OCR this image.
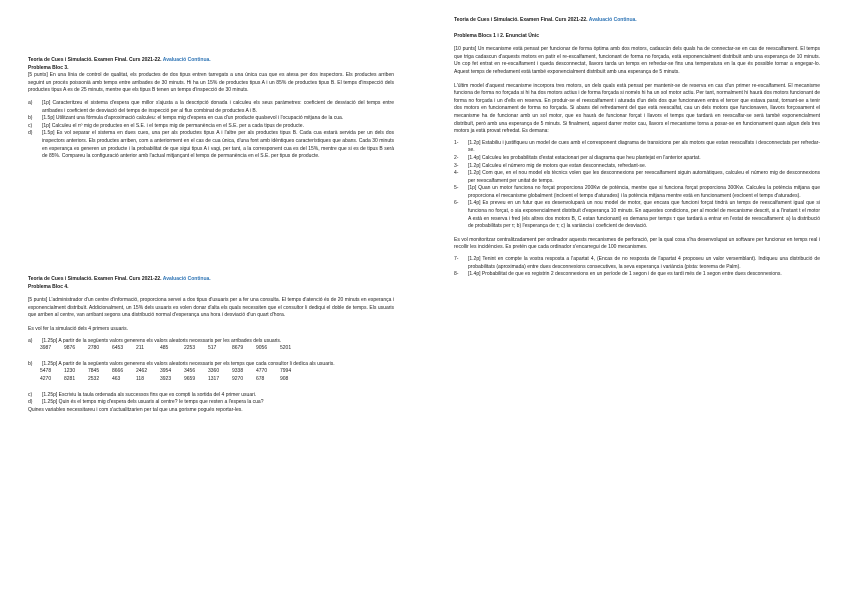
Teoria de Cues i Simulació. Examen Final. Curs 2021-22. Avaluació Continua.
Problema Bloc 3.

[5 punts] En una línia de control de qualitat, els productes de dos tipus entren tarregats a una única cua que es atesa per dos inspectors. Els productes arriben seguint un procés poissonià amb temps entre arribades de 30 minuts. Hi ha un 15% de productes tipus A i un 85% de productes tipus B. El temps d'inspecció dels productes tipus A es de 25 minuts, mentre que els tipus B tenen un temps d'inspecció de 30 minuts.

a)	[1p] Caracteritzeu el sistema d'espera que millor s'ajusta a la descripció donada i calculeu els seus paràmetres: coeficient de desviació del temps entre arribades i coeficient de desviació del temps de inspecció per al flux combinat de productes A i B.
b)	[1.5p] Utilitzant una fórmula d'aproximació calculeu: el temps mig d'espera en cua d'un producte qualsevol i l'ocupació mitjana de la cua.
c)	[1p] Calculeu el nº mig de productes en el S.E. i el temps mig de permanència en el S.E. per a cada tipus de producte.
d)	[1.5p] Es vol separar el sistema en dues cues, una per als productes tipus A i l'altre per als productes tipus B. Cada cua estarà servida per un dels dos inspectors anteriors. Els productes arriben, com a anteriorment en el cas de cua única, d'una font amb idèntiques característiques que abans. Cada 30 minuts en esperança es generen un producte i la probabilitat de que sigui tipus A i vagi, per tant, a la corresponent cua es del 15%, mentre que si es de tipus B serà de 85%. Compareu la configuració anterior amb l'actual mitjançant el temps de permanència en el S.E. per tipus de producte.
Teoria de Cues i Simulació. Examen Final. Curs 2021-22. Avaluació Continua.
Problema Bloc 4.

[5 punts] L'administrador d'un centre d'informació, proporciona servei a dos tipus d'usuaris per a fer una consulta. El temps d'atenció és de 20 minuts en esperança i exponencialment distribuït. Addicionalment, un 15% dels usuaris es volen donar d'alta els quals necessiten que el consultor li dediqui el doble de temps. Els usuaris que arriben al centre, van arribant segons una distribució normal d'esperança una hora i desviació d'un quart d'hora.

Es vol fer la simulació dels 4 primers usuaris.

a)	[1.25p] A partir de la següents valors generens els valors aleatoris necessaris per les arribades dels usuaris.
3987	9876	2780	6453	211	485	2253	517	8679	9056	5201
b)	[1.25p] A partir de la següents valors generens els valors aleatoris necessaris per els temps que cada consultor li dedica als usuaris.
5478	1230	7845	8666	2462	3954	3456	3360	9338	4770	7994
4270	8281	2532	463	118	3923	9659	1317	9270	678	908
c)	[1.25p] Escriviu la taula ordenada als successos fins que es compti la sortida del 4 primer usuari.
d)	[1.25p] Quin és el temps mig d'espera dels usuaris al centre? Ie temps que resten a l'espera la cua?

Quines variables necessitareu i com s'actualitzarien per tal que una gorisme pogués reportar-les.

Teoria de Cues i Simulació. Examen Final. Curs 2021-22. Avaluació Continua.
Problema Blocs 1 i 2. Enunciat Únic

[10 punts] Un mecanisme està pensat per funcionar de forma òptima amb dos motors, cadascún dels quals ha de connectar-se en cas de reescalfament. El temps que triga cadascun d'aquests motors en patir el re-escalfament, funcionant de forma no forçada, està exponencialment distribuït amb una esperança de 10 minuts. Un cop fet entrat en re-escalfament i queda desconnectat, llavors tarda un temps en refredar-se fins una temperatura en la que és possible tornar a engegar-lo. Aquest temps de refredament està també exponencialment distribuït amb una esperança de 5 minuts.

L'últim model d'aquest mecanisme incorpora tres motors, un dels quals està pensat per mantenir-se de reserva en cas d'un primer re-escalfament. El mecanisme funciona de forma no forçada si hi ha dos motors actius i de forma forçada si només hi ha un sol motor actiu. Per tant, normalment hi haurà dos motors funcionant de forma no forçada i un d'ells en reserva. En produir-se el reescalfament i aturada d'un dels dos que funcionaven entra el tercer que estava parat, tornant-se a tenir dos motors en funcionament de forma no forçada. Si abans del refredament del que està reescalfat, cau un dels motors que funcionaven, llavors forçosament el mecanisme ha de funcionar amb un sol motor, que es haurà de funcionar forçat i llavors el temps que tardarà en reescalfar-se serà també exponencialment distribuït, però amb una esperança de 5 minuts. Si finalment, aquest darrer motor cau, llavors el mecanisme torna a posar-se en funcionament quan algun dels tres motors ja està provat refredat. Es demana:

1-	[1.2p] Estabiliu i justifiqueu un model de cues amb el corresponent diagrama de transicions per als motors que estan reescalfats i desconnectats per refredar-se.
2-	[1.4p] Calculeu les probabilitats d'estat estacionari per al diagrama que heu plantejat en l'anterior apartat.
3-	[1.2p] Calculeu el número mig de motors que estan desconnectats, refredant-se.
4-	[1.2p] Com que, en el nou model els tècnics volen que les desconnexions per reescalfament siguin automàtiques, calculeu el número mig de desconnexions per reescalfament per unitat de temps.
5-	[1p] Quan un motor funciona no forçat proporciona 200Kw de potència, mentre que si funciona forçat proporciona 300Kw. Calculeu la potència mitjana que proporciona el mecanisme globalment (incloent el temps d'aturades) i la potència mitjana mentre està en funcionament (excloent el temps d'aturades).
6-	[1.4p] Es preveu en un futur que es desenvoluparà un nou model de motor, que encara que funcioni forçat tindrà un temps de reescalfament igual que si funciona no forçat, o sia exponencialment distribuït d'esperança 10 minuts. En aquestes condicions, per al model de mecanisme descrit, si a l'instant t el motor A està en reserva i fred (els altres dos motors B, C estan funcionant) es demana per temps τ que tardarà a entrar en l'estat de reescalfament: a) la distribució de probabilitats per τ; b) l'esperança de τ; c) la variància i coeficient de desviació.

Es vol monitoritzar centralitzadament per ordinador aquests mecanismes de perforació, per la qual cosa s'ha desenvolupat un software per funcionar en temps real i recollir les incidències. Es pretén que cada ordinador s'encarregui de 100 mecanismes.

7-	[1.2p] Tenint en compte la vostra resposta a l'apartat 4, (Encas de no resposta de l'apartat 4 proposeu un valor versemblant). Indiqueu una distribució de probabilitats (aproximada) entre dues desconnexions consecutives, la seva esperança i variància (pista: teorema de Palm).
8-	[1.4p] Probabilitat de que es registrin 2 desconnexions en un període de 1 segon i de que es tardi més de 1 segon entre dues desconnexions.
